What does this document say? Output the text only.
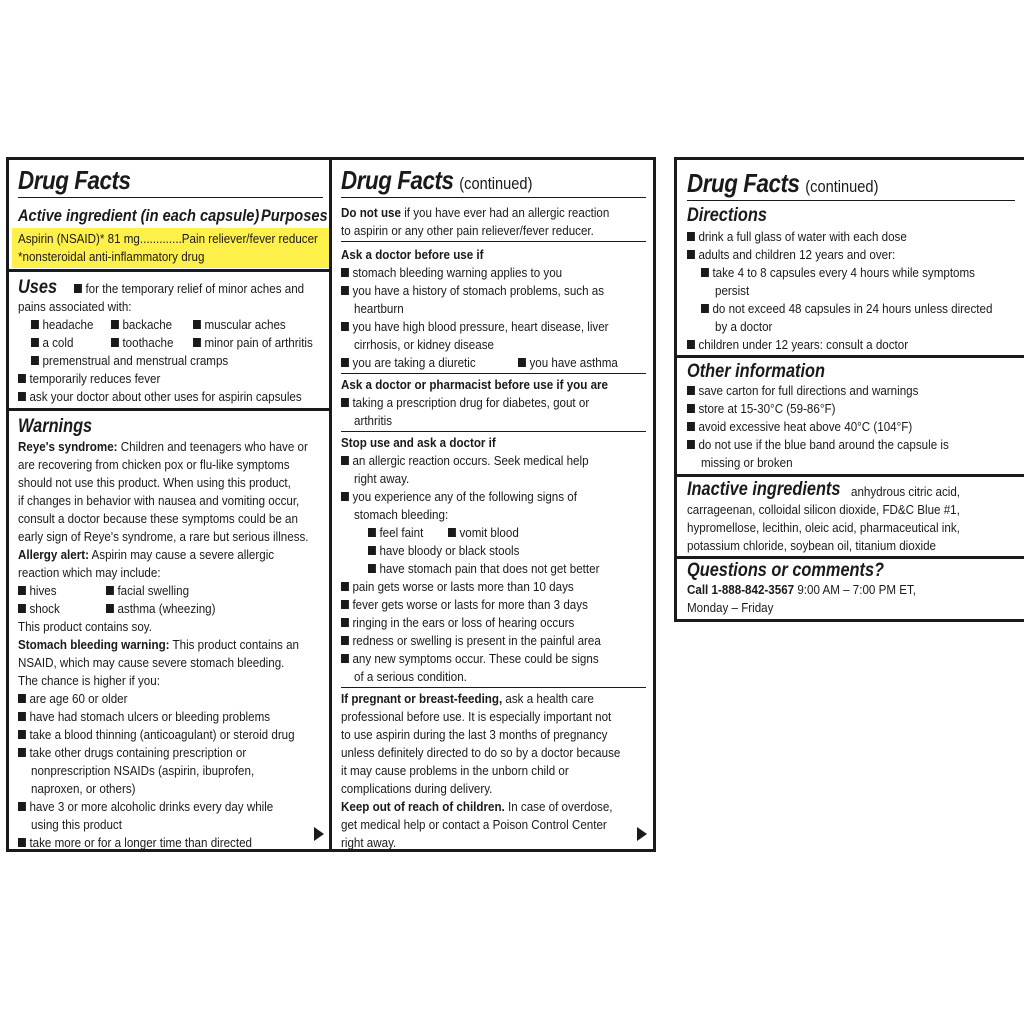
Drug Facts
Active ingredient (in each capsule) Purposes
Aspirin (NSAID)* 81 mg.............Pain reliever/fever reducer
*nonsteroidal anti-inflammatory drug
Uses	for the temporary relief of minor aches and
pains associated with:
headache	backache	muscular aches
a cold	toothache	minor pain of arthritis
premenstrual and menstrual cramps
temporarily reduces fever
ask your doctor about other uses for aspirin capsules
Warnings
Reye's syndrome: Children and teenagers who have or
are recovering from chicken pox or flu-like symptoms
should not use this product. When using this product,
if changes in behavior with nausea and vomiting occur,
consult a doctor because these symptoms could be an
early sign of Reye's syndrome, a rare but serious illness.
Allergy alert: Aspirin may cause a severe allergic
reaction which may include:
hives	facial swelling
shock	asthma (wheezing)
This product contains soy.
Stomach bleeding warning: This product contains an
NSAID, which may cause severe stomach bleeding.
The chance is higher if you:
are age 60 or older
have had stomach ulcers or bleeding problems
take a blood thinning (anticoagulant) or steroid drug
take other drugs containing prescription or
nonprescription NSAIDs (aspirin, ibuprofen,
naproxen, or others)
have 3 or more alcoholic drinks every day while
using this product
take more or for a longer time than directed
Drug Facts (continued)
Do not use if you have ever had an allergic reaction
to aspirin or any other pain reliever/fever reducer.
Ask a doctor before use if
stomach bleeding warning applies to you
you have a history of stomach problems, such as
heartburn
you have high blood pressure, heart disease, liver
cirrhosis, or kidney disease
you are taking a diuretic	you have asthma
Ask a doctor or pharmacist before use if you are
taking a prescription drug for diabetes, gout or
arthritis
Stop use and ask a doctor if
an allergic reaction occurs. Seek medical help
right away.
you experience any of the following signs of
stomach bleeding:
feel faint	vomit blood
have bloody or black stools
have stomach pain that does not get better
pain gets worse or lasts more than 10 days
fever gets worse or lasts for more than 3 days
ringing in the ears or loss of hearing occurs
redness or swelling is present in the painful area
any new symptoms occur. These could be signs
of a serious condition.
If pregnant or breast-feeding, ask a health care
professional before use. It is especially important not
to use aspirin during the last 3 months of pregnancy
unless definitely directed to do so by a doctor because
it may cause problems in the unborn child or
complications during delivery.
Keep out of reach of children. In case of overdose,
get medical help or contact a Poison Control Center
right away.
Drug Facts (continued)
Directions
drink a full glass of water with each dose
adults and children 12 years and over:
take 4 to 8 capsules every 4 hours while symptoms
persist
do not exceed 48 capsules in 24 hours unless directed
by a doctor
children under 12 years: consult a doctor
Other information
save carton for full directions and warnings
store at 15-30°C (59-86°F)
avoid excessive heat above 40°C (104°F)
do not use if the blue band around the capsule is
missing or broken
Inactive ingredients anhydrous citric acid,
carrageenan, colloidal silicon dioxide, FD&C Blue #1,
hypromellose, lecithin, oleic acid, pharmaceutical ink,
potassium chloride, soybean oil, titanium dioxide
Questions or comments?
Call 1-888-842-3567 9:00 AM – 7:00 PM ET,
Monday – Friday
